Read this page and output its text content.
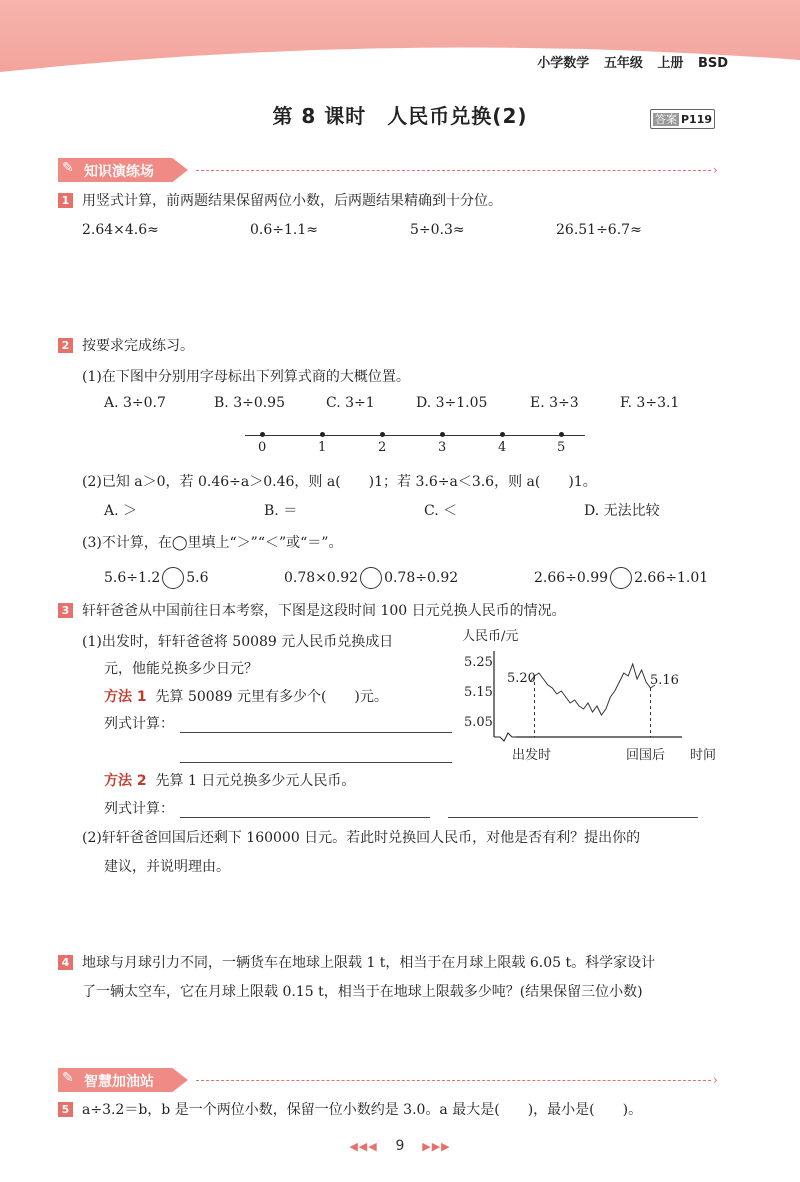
小学数学 五年级 上册 BSD
第 8 课时　人民币兑换(2)	答案 P119
✎ 知识演练场	›
1 用竖式计算，前两题结果保留两位小数，后两题结果精确到十分位。
2.64×4.6≈	0.6÷1.1≈	5÷0.3≈	26.51÷6.7≈
2 按要求完成练习。
(1)在下图中分别用字母标出下列算式商的大概位置。
A. 3÷0.7	B. 3÷0.95	C. 3÷1	D. 3÷1.05	E. 3÷3	F. 3÷3.1
0	1	2	3	4	5
(2)已知 a＞0，若 0.46÷a＞0.46，则 a(　　)1；若 3.6÷a＜3.6，则 a(　　)1。
A. ＞	B. ＝	C. ＜	D. 无法比较
(3)不计算，在◯里填上“＞”“＜”或“＝”。
5.6÷1.2 5.6	0.78×0.92 0.78÷0.92	2.66÷0.99 2.66÷1.01
3 轩轩爸爸从中国前往日本考察，下图是这段时间 100 日元兑换人民币的情况。
(1)出发时，轩轩爸爸将 50089 元人民币兑换成日
元，他能兑换多少日元？
方法 1 先算 50089 元里有多少个(　　)元。
列式计算：
方法 2 先算 1 日元兑换多少元人民币。
列式计算：
(2)轩轩爸爸回国后还剩下 160000 日元。若此时兑换回人民币，对他是否有利？提出你的
建议，并说明理由。
人民币/元
5.25
5.15
5.05
5.20	5.16
出发时	回国后 时间
4 地球与月球引力不同，一辆货车在地球上限载 1 t，相当于在月球上限载 6.05 t。科学家设计
了一辆太空车，它在月球上限载 0.15 t，相当于在地球上限载多少吨？(结果保留三位小数)
✎ 智慧加油站	›
5 a÷3.2＝b，b 是一个两位小数，保留一位小数约是 3.0。a 最大是(　　)，最小是(　　)。
◀◀◀ 9 ▶▶▶
